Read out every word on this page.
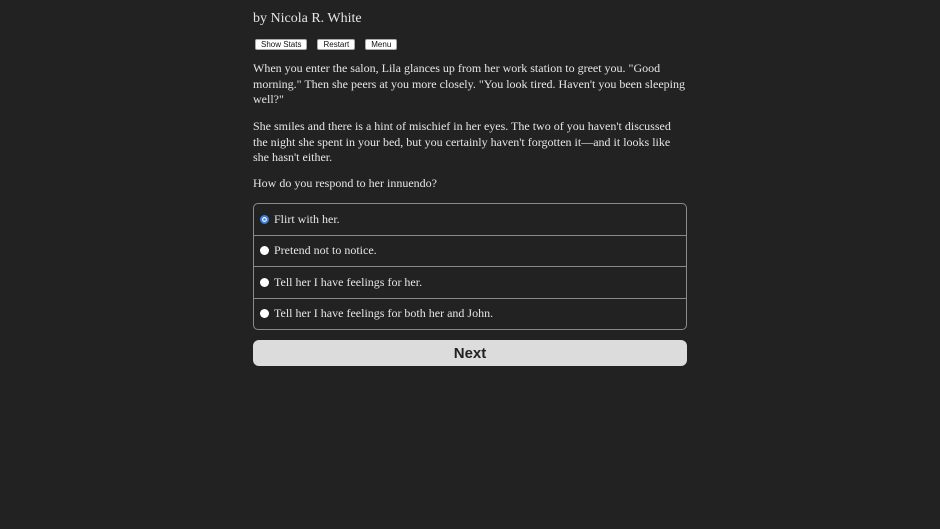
by Nicola R. White
Show Stats	Restart	Menu

When you enter the salon, Lila glances up from her work station to greet you. "Good morning." Then she peers at you more closely. "You look tired. Haven't you been sleeping well?"

She smiles and there is a hint of mischief in her eyes. The two of you haven't discussed the night she spent in your bed, but you certainly haven't forgotten it—and it looks like she hasn't either.

How do you respond to her innuendo?

Flirt with her.
Pretend not to notice.
Tell her I have feelings for her.
Tell her I have feelings for both her and John.
Next
